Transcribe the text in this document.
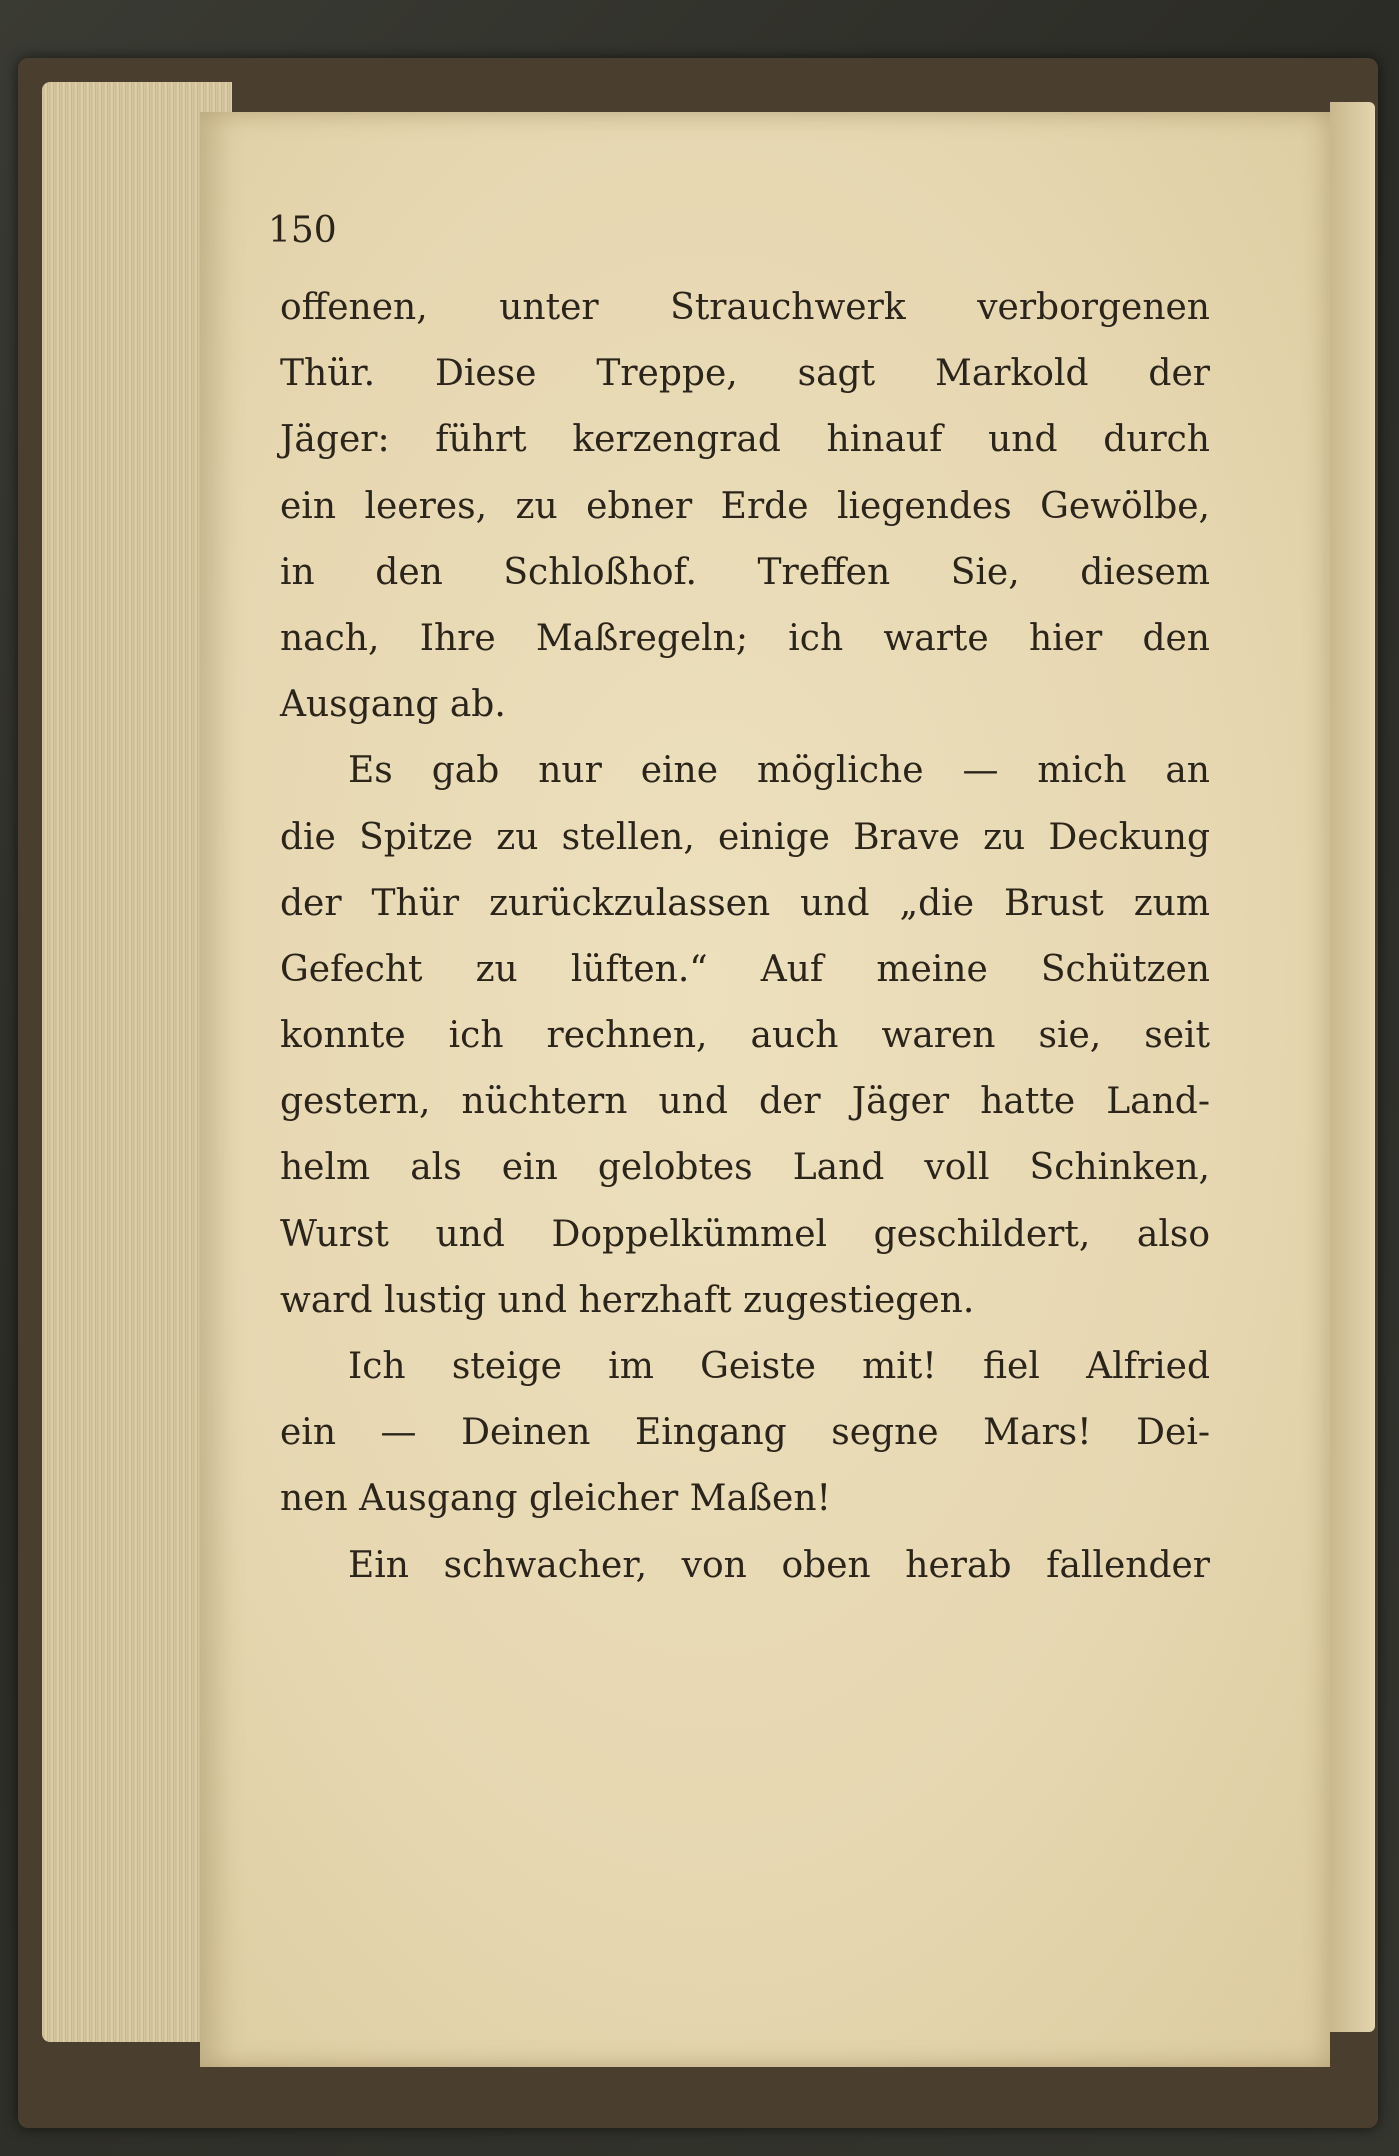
150
offenen, unter Strauchwerk verborgenen
Thür. Diese Treppe, sagt Markold der
Jäger: führt kerzengrad hinauf und durch
ein leeres, zu ebner Erde liegendes Gewölbe,
in den Schloßhof. Treffen Sie, diesem
nach, Ihre Maßregeln; ich warte hier den
Ausgang ab.
Es gab nur eine mögliche — mich an
die Spitze zu stellen, einige Brave zu Deckung
der Thür zurückzulassen und „die Brust zum
Gefecht zu lüften.“ Auf meine Schützen
konnte ich rechnen, auch waren sie, seit
gestern, nüchtern und der Jäger hatte Land-
helm als ein gelobtes Land voll Schinken,
Wurst und Doppelkümmel geschildert, also
ward lustig und herzhaft zugestiegen.
Ich steige im Geiste mit! fiel Alfried
ein — Deinen Eingang segne Mars! Dei-
nen Ausgang gleicher Maßen!
Ein schwacher, von oben herab fallender
